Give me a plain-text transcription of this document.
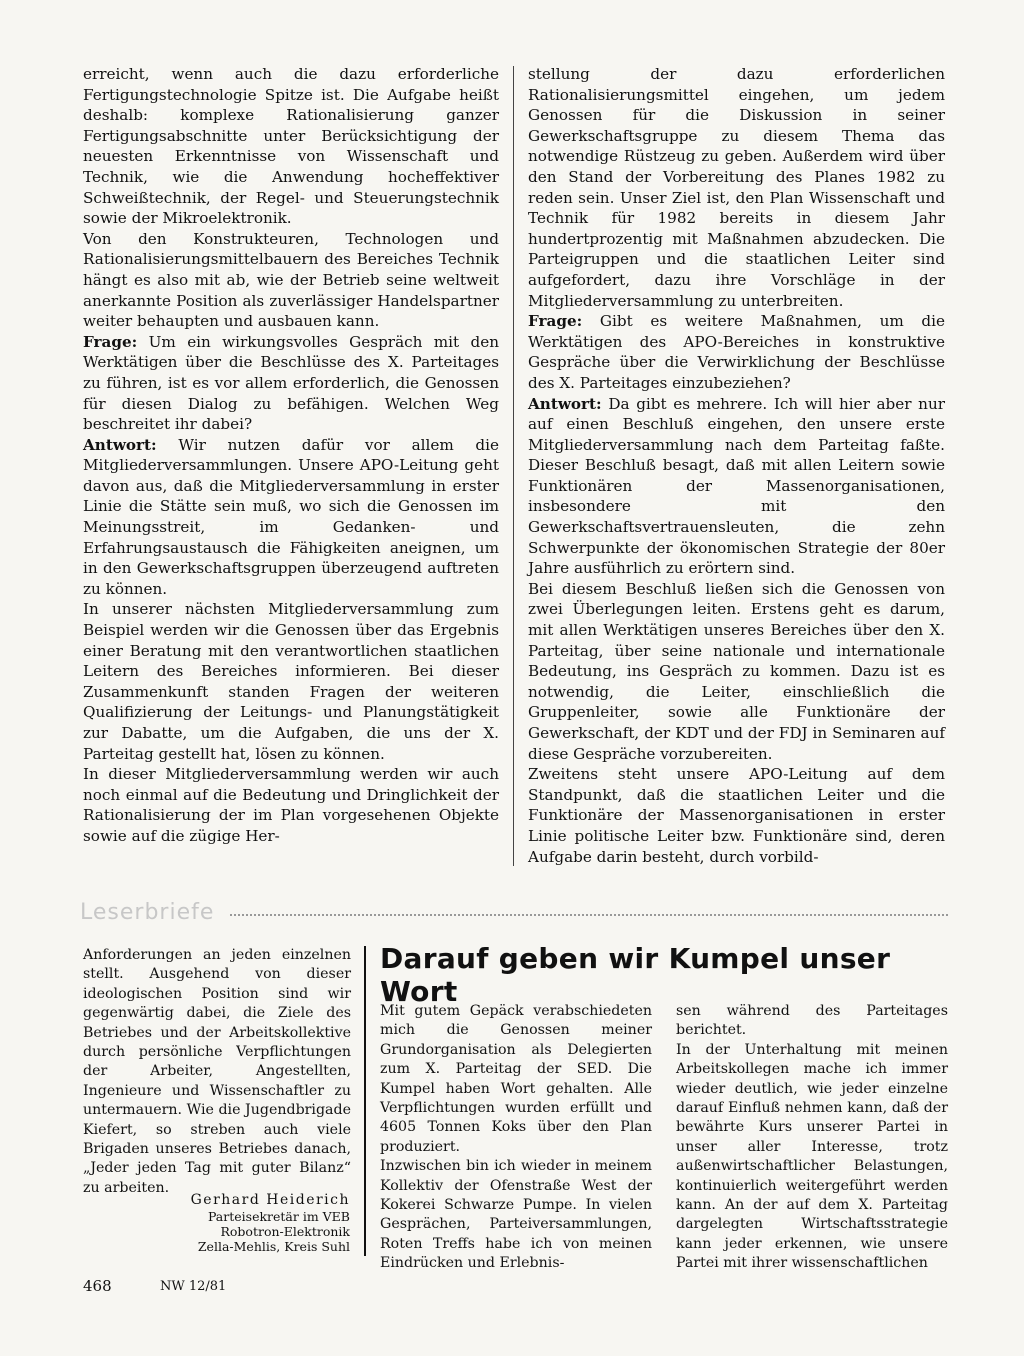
erreicht, wenn auch die dazu erforderliche Fertigungstechnologie Spitze ist. Die Aufgabe heißt deshalb: komplexe Rationalisierung ganzer Fertigungsabschnitte unter Berücksichtigung der neuesten Erkenntnisse von Wissenschaft und Technik, wie die Anwendung hocheffektiver Schweißtechnik, der Regel- und Steuerungstechnik sowie der Mikroelektronik.

Von den Konstrukteuren, Technologen und Rationalisierungsmittelbauern des Bereiches Technik hängt es also mit ab, wie der Betrieb seine weltweit anerkannte Position als zuverlässiger Handelspartner weiter behaupten und ausbauen kann.

Frage: Um ein wirkungsvolles Gespräch mit den Werktätigen über die Beschlüsse des X. Parteitages zu führen, ist es vor allem erforderlich, die Genossen für diesen Dialog zu befähigen. Welchen Weg beschreitet ihr dabei?

Antwort: Wir nutzen dafür vor allem die Mitgliederversammlungen. Unsere APO-Leitung geht davon aus, daß die Mitgliederversammlung in erster Linie die Stätte sein muß, wo sich die Genossen im Meinungsstreit, im Gedanken- und Erfahrungsaustausch die Fähigkeiten aneignen, um in den Gewerkschaftsgruppen überzeugend auftreten zu können.

In unserer nächsten Mitgliederversammlung zum Beispiel werden wir die Genossen über das Ergebnis einer Beratung mit den verantwortlichen staatlichen Leitern des Bereiches informieren. Bei dieser Zusammenkunft standen Fragen der weiteren Qualifizierung der Leitungs- und Planungstätigkeit zur Dabatte, um die Aufgaben, die uns der X. Parteitag gestellt hat, lösen zu können.

In dieser Mitgliederversammlung werden wir auch noch einmal auf die Bedeutung und Dringlichkeit der Rationalisierung der im Plan vorgesehenen Objekte sowie auf die zügige Her-

stellung der dazu erforderlichen Rationalisierungsmittel eingehen, um jedem Genossen für die Diskussion in seiner Gewerkschaftsgruppe zu diesem Thema das notwendige Rüstzeug zu geben. Außerdem wird über den Stand der Vorbereitung des Planes 1982 zu reden sein. Unser Ziel ist, den Plan Wissenschaft und Technik für 1982 bereits in diesem Jahr hundertprozentig mit Maßnahmen abzudecken. Die Parteigruppen und die staatlichen Leiter sind aufgefordert, dazu ihre Vorschläge in der Mitgliederversammlung zu unterbreiten.

Frage: Gibt es weitere Maßnahmen, um die Werktätigen des APO-Bereiches in konstruktive Gespräche über die Verwirklichung der Beschlüsse des X. Parteitages einzubeziehen?

Antwort: Da gibt es mehrere. Ich will hier aber nur auf einen Beschluß eingehen, den unsere erste Mitgliederversammlung nach dem Parteitag faßte. Dieser Beschluß besagt, daß mit allen Leitern sowie Funktionären der Massenorganisationen, insbesondere mit den Gewerkschaftsvertrauensleuten, die zehn Schwerpunkte der ökonomischen Strategie der 80er Jahre ausführlich zu erörtern sind.

Bei diesem Beschluß ließen sich die Genossen von zwei Überlegungen leiten. Erstens geht es darum, mit allen Werktätigen unseres Bereiches über den X. Parteitag, über seine nationale und internationale Bedeutung, ins Gespräch zu kommen. Dazu ist es notwendig, die Leiter, einschließlich die Gruppenleiter, sowie alle Funktionäre der Gewerkschaft, der KDT und der FDJ in Seminaren auf diese Gespräche vorzubereiten.

Zweitens steht unsere APO-Leitung auf dem Standpunkt, daß die staatlichen Leiter und die Funktionäre der Massenorganisationen in erster Linie politische Leiter bzw. Funktionäre sind, deren Aufgabe darin besteht, durch vorbild-

Leserbriefe

Anforderungen an jeden einzelnen stellt. Ausgehend von dieser ideologischen Position sind wir gegenwärtig dabei, die Ziele des Betriebes und der Arbeitskollektive durch persönliche Verpflichtungen der Arbeiter, Angestellten, Ingenieure und Wissenschaftler zu untermauern. Wie die Jugendbrigade Kiefert, so streben auch viele Brigaden unseres Betriebes danach, „Jeder jeden Tag mit guter Bilanz“ zu arbeiten.

Gerhard Heiderich
Parteisekretär im VEB
Robotron-Elektronik
Zella-Mehlis, Kreis Suhl
Darauf geben wir Kumpel unser Wort

Mit gutem Gepäck verabschiedeten mich die Genossen meiner Grundorganisation als Delegierten zum X. Parteitag der SED. Die Kumpel haben Wort gehalten. Alle Verpflichtungen wurden erfüllt und 4605 Tonnen Koks über den Plan produziert.

Inzwischen bin ich wieder in meinem Kollektiv der Ofenstraße West der Kokerei Schwarze Pumpe. In vielen Gesprächen, Parteiversammlungen, Roten Treffs habe ich von meinen Eindrücken und Erlebnis-

sen während des Parteitages berichtet.

In der Unterhaltung mit meinen Arbeitskollegen mache ich immer wieder deutlich, wie jeder einzelne darauf Einfluß nehmen kann, daß der bewährte Kurs unserer Partei in unser aller Interesse, trotz außenwirtschaftlicher Belastungen, kontinuierlich weitergeführt werden kann. An der auf dem X. Parteitag dargelegten Wirtschaftsstrategie kann jeder erkennen, wie unsere Partei mit ihrer wissenschaftlichen

468	NW 12/81
